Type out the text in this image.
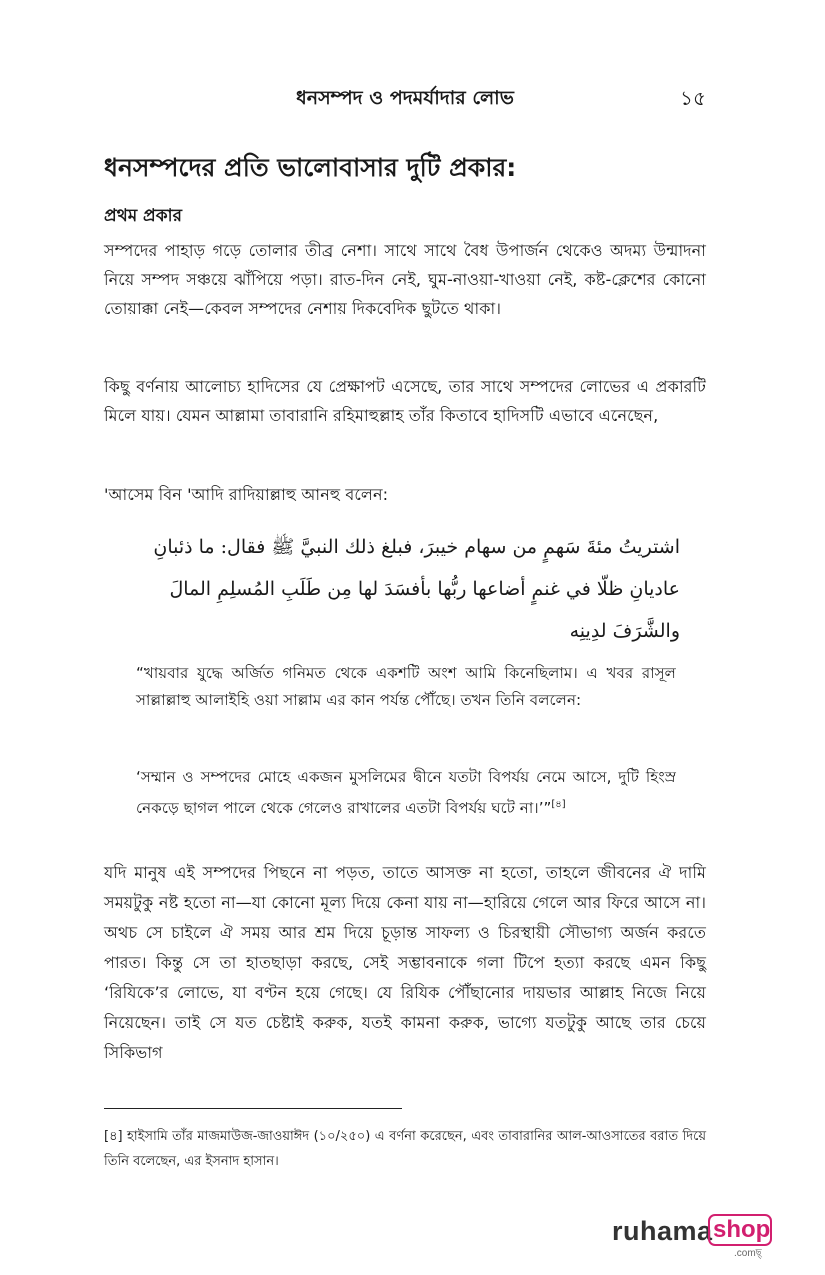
ধনসম্পদ ও পদমর্যাদার লোভ	১৫
ধনসম্পদের প্রতি ভালোবাসার দুটি প্রকার:
প্রথম প্রকার

সম্পদের পাহাড় গড়ে তোলার তীব্র নেশা। সাথে সাথে বৈধ উপার্জন থেকেও অদম্য উন্মাদনা নিয়ে সম্পদ সঞ্চয়ে ঝাঁপিয়ে পড়া। রাত-দিন নেই, ঘুম-নাওয়া-খাওয়া নেই, কষ্ট-ক্লেশের কোনো তোয়াক্কা নেই—কেবল সম্পদের নেশায় দিকবেদিক ছুটতে থাকা।

কিছু বর্ণনায় আলোচ্য হাদিসের যে প্রেক্ষাপট এসেছে, তার সাথে সম্পদের লোভের এ প্রকারটি মিলে যায়। যেমন আল্লামা তাবারানি রহিমাহুল্লাহ তাঁর কিতাবে হাদিসটি এভাবে এনেছেন,

'আসেম বিন 'আদি রাদিয়াল্লাহু আনহু বলেন:

اشتريتُ مئةَ سَهمٍ من سهام خيبرَ، فبلغ ذلك النبيَّ ﷺ فقال: ما ذئبانِ عاديانِ ظلّا في غنمٍ أضاعها ربُّها بأفسَدَ لها مِن طَلَبِ المُسلِمِ المالَ والشَّرَفَ لدِينِه

“খায়বার যুদ্ধে অর্জিত গনিমত থেকে একশটি অংশ আমি কিনেছিলাম। এ খবর রাসূল সাল্লাল্লাহু আলাইহি ওয়া সাল্লাম এর কান পর্যন্ত পৌঁছে। তখন তিনি বললেন:

‘সম্মান ও সম্পদের মোহে একজন মুসলিমের দ্বীনে যতটা বিপর্যয় নেমে আসে, দুটি হিংস্র নেকড়ে ছাগল পালে থেকে গেলেও রাখালের এতটা বিপর্যয় ঘটে না।’”[৪]

যদি মানুষ এই সম্পদের পিছনে না পড়ত, তাতে আসক্ত না হতো, তাহলে জীবনের ঐ দামি সময়টুকু নষ্ট হতো না—যা কোনো মূল্য দিয়ে কেনা যায় না—হারিয়ে গেলে আর ফিরে আসে না। অথচ সে চাইলে ঐ সময় আর শ্রম দিয়ে চূড়ান্ত সাফল্য ও চিরস্থায়ী সৌভাগ্য অর্জন করতে পারত। কিন্তু সে তা হাতছাড়া করছে, সেই সম্ভাবনাকে গলা টিপে হত্যা করছে এমন কিছু ‘রিযিকে’র লোভে, যা বণ্টন হয়ে গেছে। যে রিযিক পৌঁছানোর দায়ভার আল্লাহ নিজে নিয়ে নিয়েছেন। তাই সে যত চেষ্টাই করুক, যতই কামনা করুক, ভাগ্যে যতটুকু আছে তার চেয়ে সিকিভাগ

[৪] হাইসামি তাঁর মাজমাউজ-জাওয়াঈদ (১০/২৫০) এ বর্ণনা করেছেন, এবং তাবারানির আল-আওসাতের বরাত দিয়ে তিনি বলেছেন, এর ইসনাদ হাসান।

ruhama shop
.comছ্
